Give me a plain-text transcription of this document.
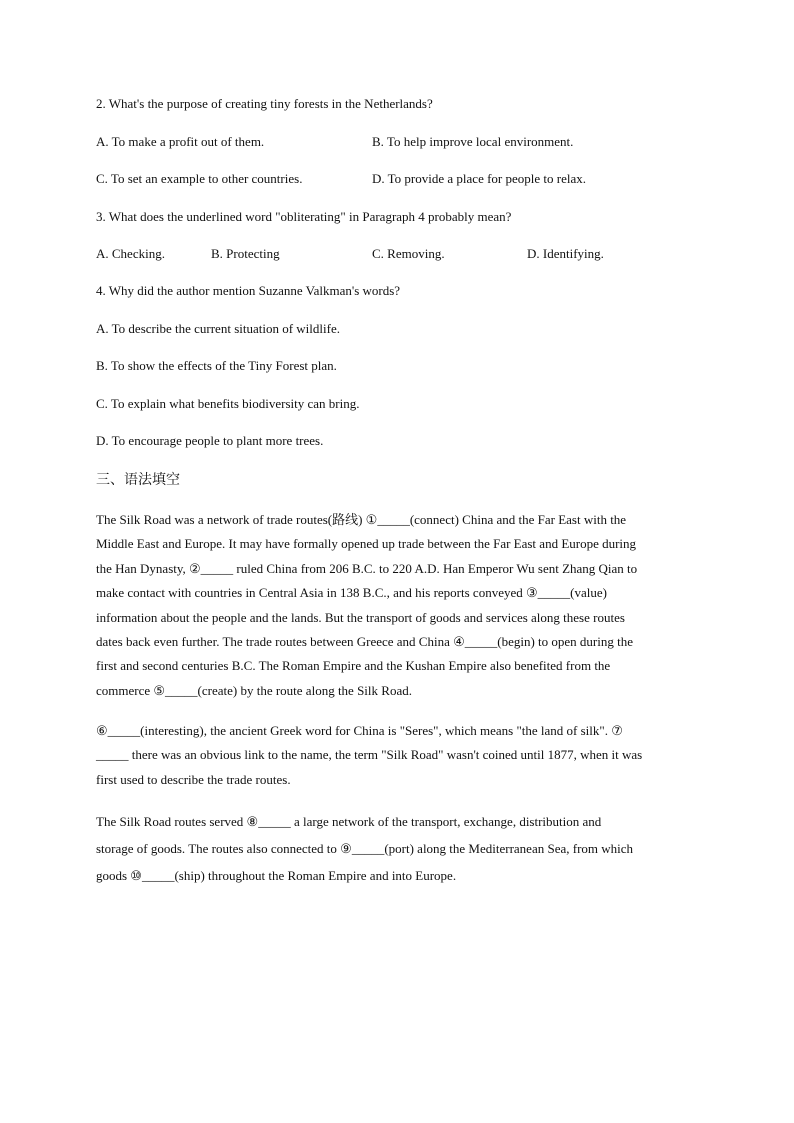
2. What's the purpose of creating tiny forests in the Netherlands?
A. To make a profit out of them.	B. To help improve local environment.
C. To set an example to other countries.	D. To provide a place for people to relax.
3. What does the underlined word "obliterating" in Paragraph 4 probably mean?
A. Checking.	B. Protecting	C. Removing.	D. Identifying.
4. Why did the author mention Suzanne Valkman's words?
A. To describe the current situation of wildlife.
B. To show the effects of the Tiny Forest plan.
C. To explain what benefits biodiversity can bring.
D. To encourage people to plant more trees.
三、语法填空
The Silk Road was a network of trade routes(路线) ①_____(connect) China and the Far East with the
Middle East and Europe. It may have formally opened up trade between the Far East and Europe during
the Han Dynasty, ②_____ ruled China from 206 B.C. to 220 A.D. Han Emperor Wu sent Zhang Qian to
make contact with countries in Central Asia in 138 B.C., and his reports conveyed ③_____(value)
information about the people and the lands. But the transport of goods and services along these routes
dates back even further. The trade routes between Greece and China ④_____(begin) to open during the
first and second centuries B.C. The Roman Empire and the Kushan Empire also benefited from the
commerce ⑤_____(create) by the route along the Silk Road.
⑥_____(interesting), the ancient Greek word for China is "Seres", which means "the land of silk". ⑦
_____ there was an obvious link to the name, the term "Silk Road" wasn't coined until 1877, when it was
first used to describe the trade routes.
The Silk Road routes served ⑧_____ a large network of the transport, exchange, distribution and
storage of goods. The routes also connected to ⑨_____(port) along the Mediterranean Sea, from which
goods ⑩_____(ship) throughout the Roman Empire and into Europe.
